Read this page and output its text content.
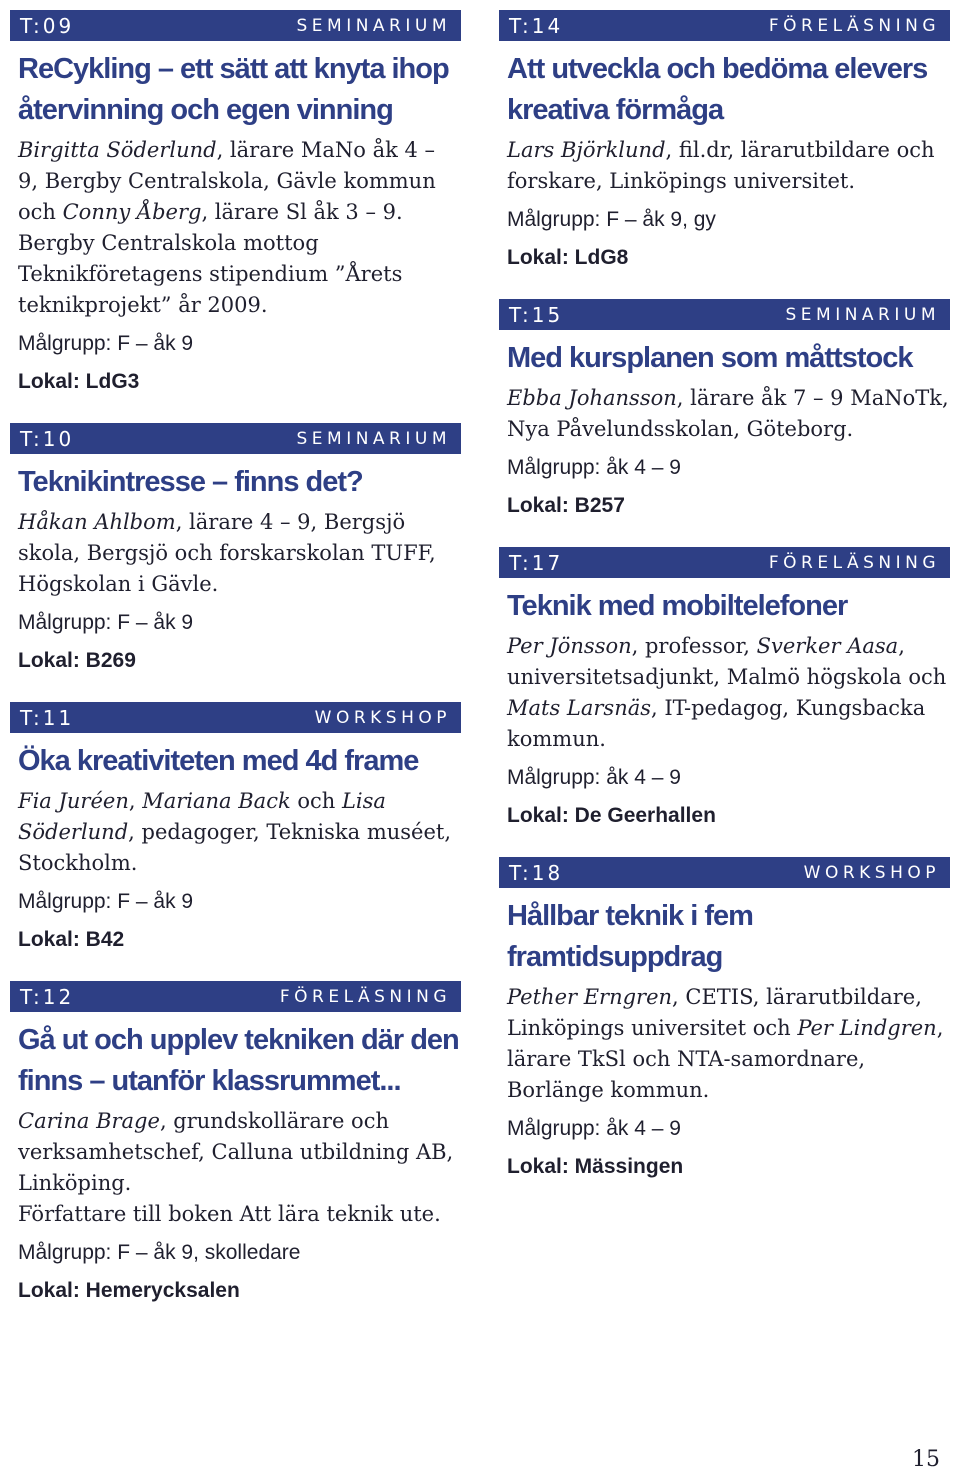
T:09	SEMINARIUM
ReCykling – ett sätt att knyta ihop återvinning och egen vinning
Birgitta Söderlund, lärare MaNo åk 4 – 9, Bergby Centralskola, Gävle kommun och Conny Åberg, lärare Sl åk 3 – 9. Bergby Centralskola mottog Teknikföretagens stipendium ”Årets teknikprojekt” år 2009.
Målgrupp: F – åk 9
Lokal: LdG3
T:10	SEMINARIUM
Teknikintresse – finns det?
Håkan Ahlbom, lärare 4 – 9, Bergsjö skola, Bergsjö och forskarskolan TUFF, Högskolan i Gävle.
Målgrupp: F – åk 9
Lokal: B269
T:11	WORKSHOP
Öka kreativiteten med 4d frame
Fia Juréen, Mariana Back och Lisa Söderlund, pedagoger, Tekniska muséet, Stockholm.
Målgrupp: F – åk 9
Lokal: B42
T:12	FÖRELÄSNING
Gå ut och upplev tekniken där den finns – utanför klassrummet...
Carina Brage, grundskollärare och verksamhetschef, Calluna utbildning AB, Linköping.
Författare till boken Att lära teknik ute.
Målgrupp: F – åk 9, skolledare
Lokal: Hemerycksalen
T:14	FÖRELÄSNING
Att utveckla och bedöma elevers kreativa förmåga
Lars Björklund, fil.dr, lärarutbildare och forskare, Linköpings universitet.
Målgrupp: F – åk 9, gy
Lokal: LdG8
T:15	SEMINARIUM
Med kursplanen som måttstock
Ebba Johansson, lärare åk 7 – 9 MaNoTk, Nya Påvelundsskolan, Göteborg.
Målgrupp: åk 4 – 9
Lokal: B257
T:17	FÖRELÄSNING
Teknik med mobiltelefoner
Per Jönsson, professor, Sverker Aasa, universitetsadjunkt, Malmö högskola och Mats Larsnäs, IT-pedagog, Kungsbacka kommun.
Målgrupp: åk 4 – 9
Lokal: De Geerhallen
T:18	WORKSHOP
Hållbar teknik i fem framtidsuppdrag
Pether Erngren, CETIS, lärarutbildare, Linköpings universitet och Per Lindgren, lärare TkSl och NTA-samordnare, Borlänge kommun.
Målgrupp: åk 4 – 9
Lokal: Mässingen
15
